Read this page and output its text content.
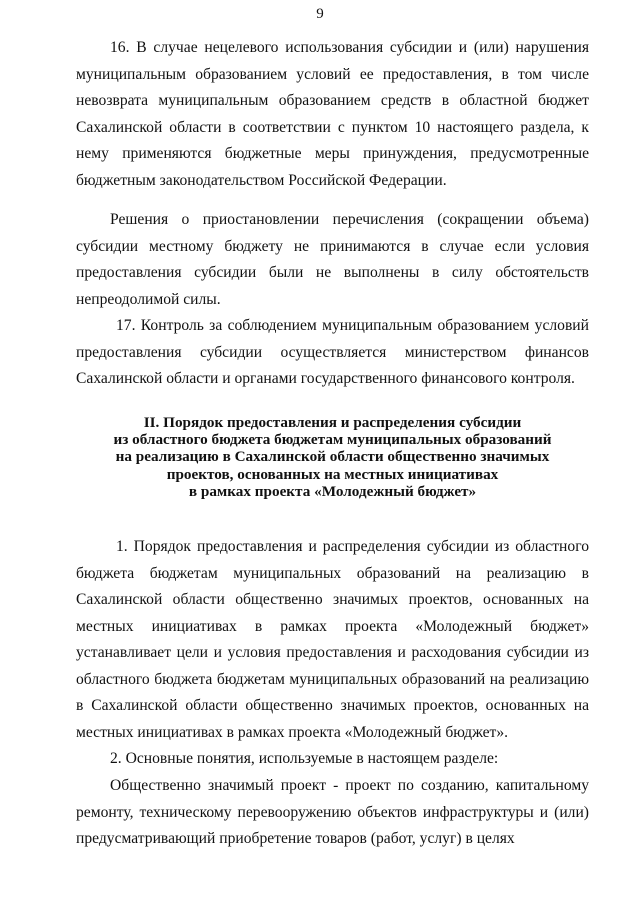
9

16. В случае нецелевого использования субсидии и (или) нарушения муниципальным образованием условий ее предоставления, в том числе невозврата муниципальным образованием средств в областной бюджет Сахалинской области в соответствии с пунктом 10 настоящего раздела, к нему применяются бюджетные меры принуждения, предусмотренные бюджетным законодательством Российской Федерации.

Решения о приостановлении перечисления (сокращении объема) субсидии местному бюджету не принимаются в случае если условия предоставления субсидии были не выполнены в силу обстоятельств непреодолимой силы.

17. Контроль за соблюдением муниципальным образованием условий предоставления субсидии осуществляется министерством финансов Сахалинской области и органами государственного финансового контроля.

II. Порядок предоставления и распределения субсидии
из областного бюджета бюджетам муниципальных образований
на реализацию в Сахалинской области общественно значимых
проектов, основанных на местных инициативах
в рамках проекта «Молодежный бюджет»

1. Порядок предоставления и распределения субсидии из областного бюджета бюджетам муниципальных образований на реализацию в Сахалинской области общественно значимых проектов, основанных на местных инициативах в рамках проекта «Молодежный бюджет» устанавливает цели и условия предоставления и расходования субсидии из областного бюджета бюджетам муниципальных образований на реализацию в Сахалинской области общественно значимых проектов, основанных на местных инициативах в рамках проекта «Молодежный бюджет».

2. Основные понятия, используемые в настоящем разделе:

Общественно значимый проект - проект по созданию, капитальному ремонту, техническому перевооружению объектов инфраструктуры и (или) предусматривающий приобретение товаров (работ, услуг) в целях
